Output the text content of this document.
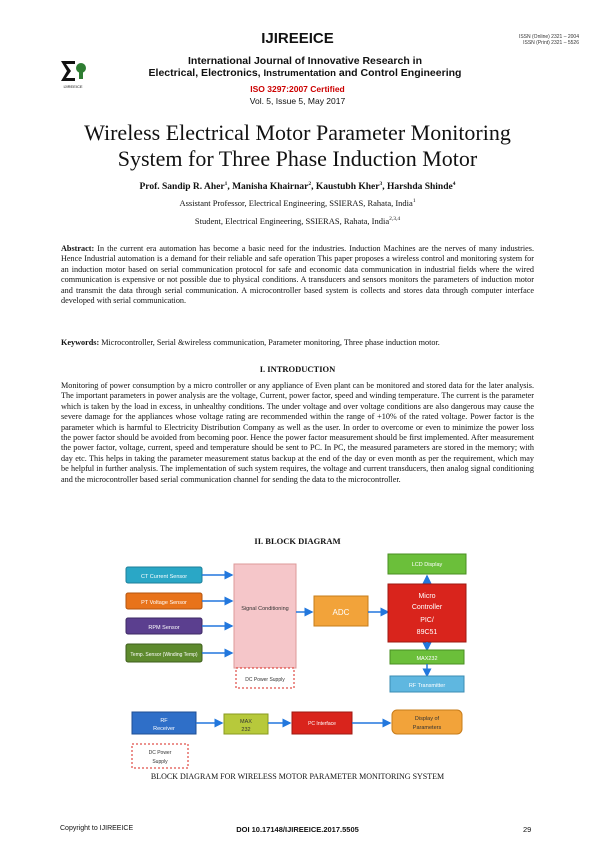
IJIREEICE	ISSN (Online) 2321 – 2004
ISSN (Print) 2321 – 5526
IJIREEICE
International Journal of Innovative Research in
Electrical, Electronics, Instrumentation and Control Engineering
ISO 3297:2007 Certified
Vol. 5, Issue 5, May 2017
Wireless Electrical Motor Parameter Monitoring
System for Three Phase Induction Motor
Prof. Sandip R. Aher$^1$, Manisha Khairnar$^2$, Kaustubh Kher$^3$, Harshda Shinde$^4$
Assistant Professor, Electrical Engineering, SSIERAS, Rahata, India$^1$
Student, Electrical Engineering, SSIERAS, Rahata, India$^{2,3,4}$
Abstract: In the current era automation has become a basic need for the industries. Induction Machines are the nerves of many industries. Hence Industrial automation is a demand for their reliable and safe operation This paper proposes a wireless control and monitoring system for an induction motor based on serial communication protocol for safe and economic data communication in industrial fields where the wired communication is expensive or not possible due to physical conditions. A transducers and sensors monitors the parameters of induction motor and transmit the data through serial communication. A microcontroller based system is collects and stores data through computer interface developed with serial communication.
Keywords: Microcontroller, Serial &wireless communication, Parameter monitoring, Three phase induction motor.
I. INTRODUCTION
Monitoring of power consumption by a micro controller or any appliance of Even plant can be monitored and stored data for the later analysis. The important parameters in power analysis are the voltage, Current, power factor, speed and winding temperature. The current is the parameter which is taken by the load in excess, in unhealthy conditions. The under voltage and over voltage conditions are also dangerous may cause the severe damage for the appliances whose voltage rating are recommended within the range of +10% of the rated voltage. Power factor is the parameter which is harmful to Electricity Distribution Company as well as the user. In order to overcome or even to minimize the power loss the power factor should be avoided from becoming poor. Hence the power factor measurement should be first implemented. After measurement the power factor, voltage, current, speed and temperature should be sent to PC. In PC, the measured parameters are stored in the memory; with day etc. This helps in taking the parameter measurement status backup at the end of the day or even month as per the requirement, which may be helpful in further analysis. The implementation of such system requires, the voltage and current transducers, then analog signal conditioning and the microcontroller based serial communication channel for sending the data to the microcontroller.
II. BLOCK DIAGRAM
CT Current Sensor
PT Voltage Sensor
RPM Sensor
Temp. Sensor (Winding Temp)
Signal Conditioning
DC Power Supply
ADC
LCD Display
Micro
Controller
PIC/
89C51
MAX232
RF Transmitter
RF
Receiver
MAX
232
PC Interface
Display of
Parameters
DC Power
Supply
BLOCK DIAGRAM FOR WIRELESS MOTOR PARAMETER MONITORING SYSTEM
Copyright to IJIREEICE	DOI 10.17148/IJIREEICE.2017.5505	29
